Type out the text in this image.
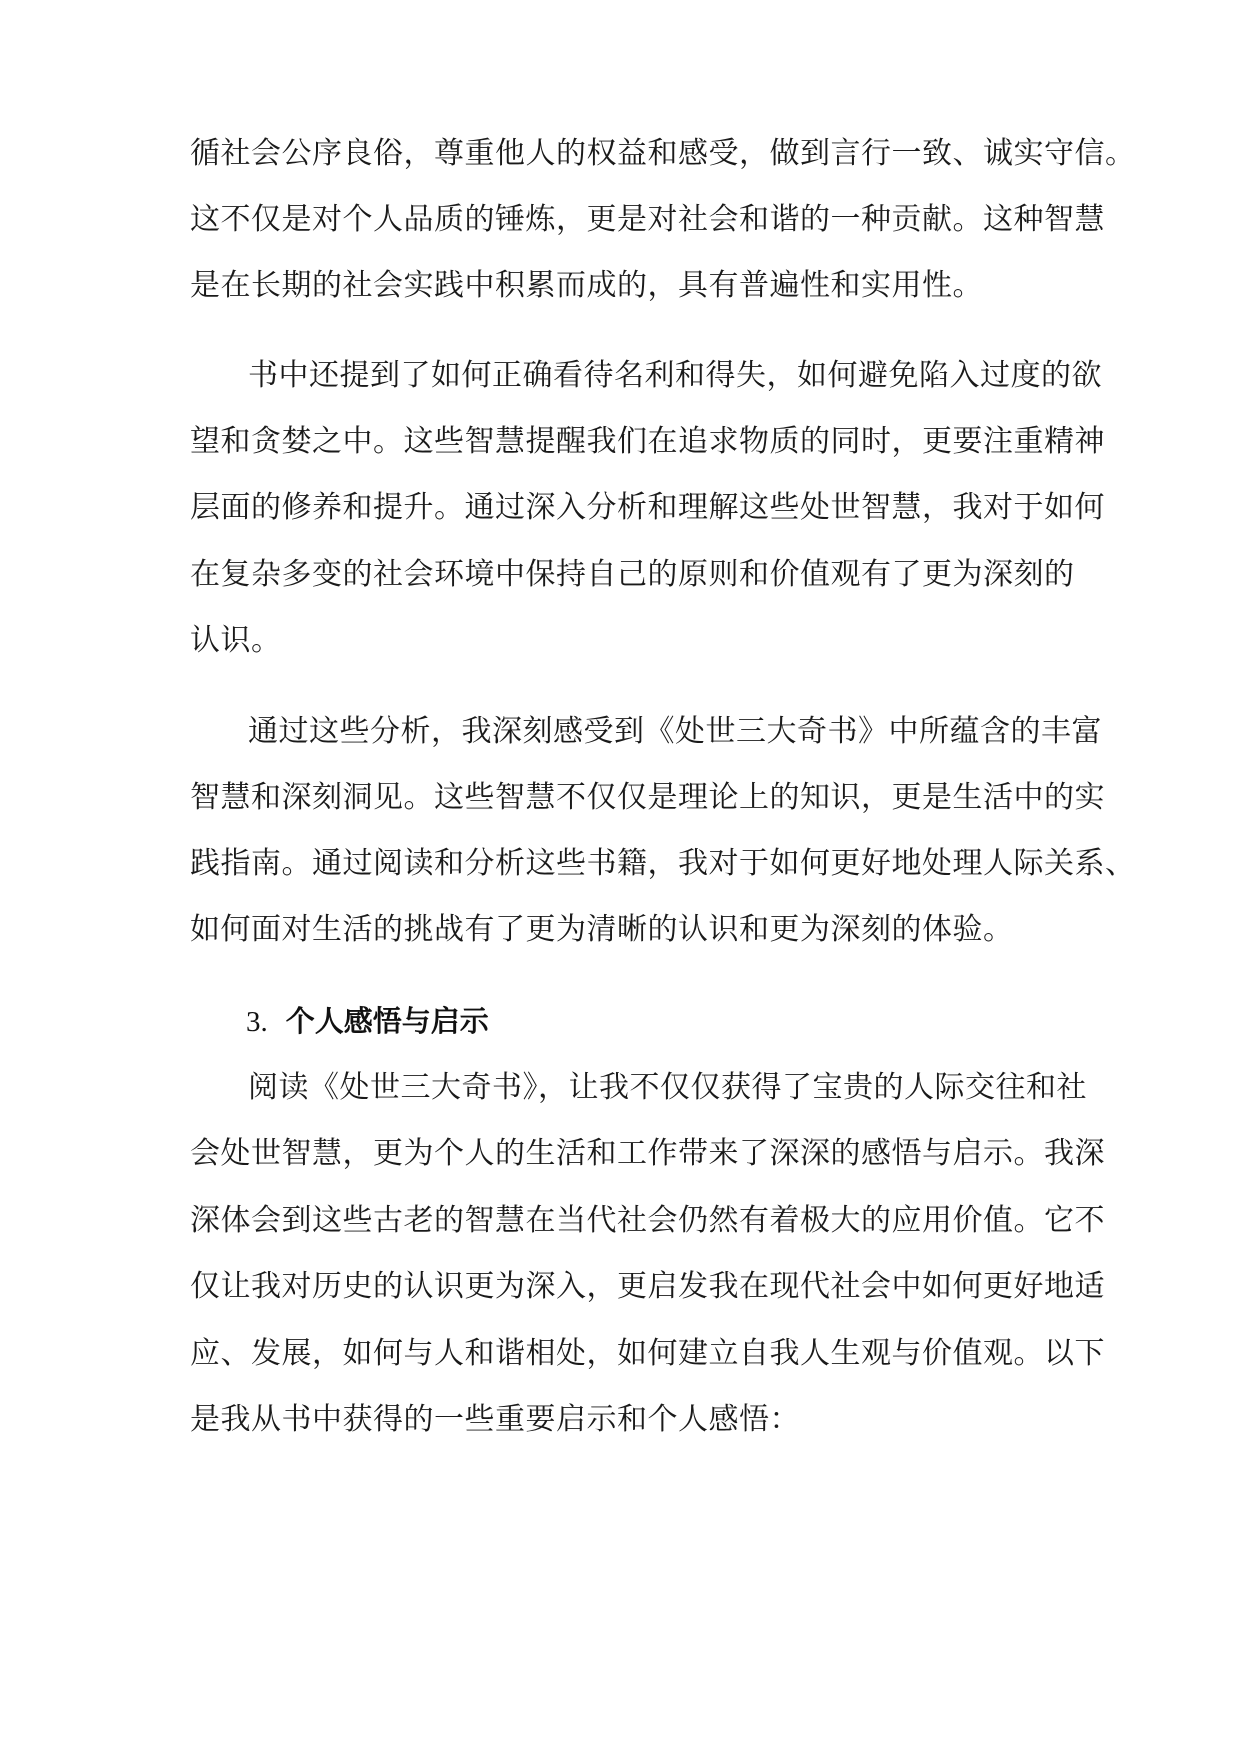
循社会公序良俗，尊重他人的权益和感受，做到言行一致、诚实守信。
这不仅是对个人品质的锤炼，更是对社会和谐的一种贡献。这种智慧
是在长期的社会实践中积累而成的，具有普遍性和实用性。
书中还提到了如何正确看待名利和得失，如何避免陷入过度的欲
望和贪婪之中。这些智慧提醒我们在追求物质的同时，更要注重精神
层面的修养和提升。通过深入分析和理解这些处世智慧，我对于如何
在复杂多变的社会环境中保持自己的原则和价值观有了更为深刻的
认识。
通过这些分析，我深刻感受到《处世三大奇书》中所蕴含的丰富
智慧和深刻洞见。这些智慧不仅仅是理论上的知识，更是生活中的实
践指南。通过阅读和分析这些书籍，我对于如何更好地处理人际关系、
如何面对生活的挑战有了更为清晰的认识和更为深刻的体验。
3. 个人感悟与启示
阅读《处世三大奇书》，让我不仅仅获得了宝贵的人际交往和社
会处世智慧，更为个人的生活和工作带来了深深的感悟与启示。我深
深体会到这些古老的智慧在当代社会仍然有着极大的应用价值。它不
仅让我对历史的认识更为深入，更启发我在现代社会中如何更好地适
应、发展，如何与人和谐相处，如何建立自我人生观与价值观。以下
是我从书中获得的一些重要启示和个人感悟：
